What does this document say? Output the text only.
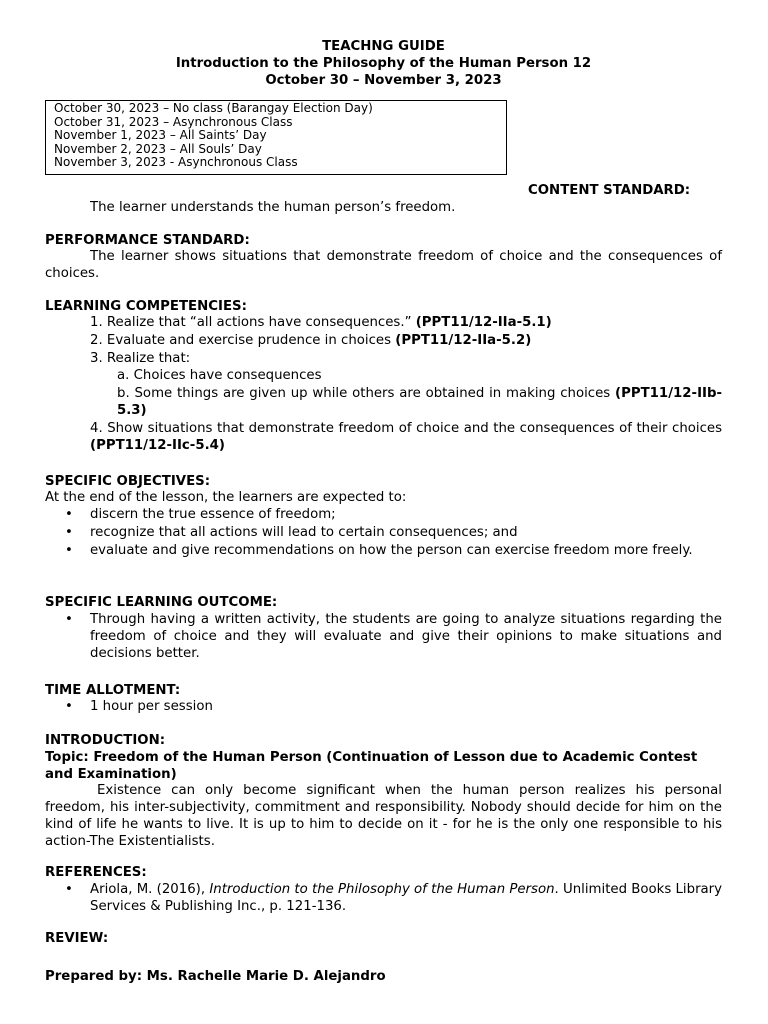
TEACHNG GUIDE

Introduction to the Philosophy of the Human Person 12

October 30 – November 3, 2023

October 30, 2023 – No class (Barangay Election Day)
October 31, 2023 – Asynchronous Class
November 1, 2023 – All Saints’ Day
November 2, 2023 – All Souls’ Day
November 3, 2023 - Asynchronous Class
CONTENT STANDARD:
The learner understands the human person’s freedom.
PERFORMANCE STANDARD:
The learner shows situations that demonstrate freedom of choice and the consequences of choices.
LEARNING COMPETENCIES:
1. Realize that “all actions have consequences.” (PPT11/12-IIa-5.1)
2. Evaluate and exercise prudence in choices (PPT11/12-IIa-5.2)
3. Realize that:
a. Choices have consequences
b. Some things are given up while others are obtained in making choices (PPT11/12-IIb-5.3)
4. Show situations that demonstrate freedom of choice and the consequences of their choices (PPT11/12-IIc-5.4)
SPECIFIC OBJECTIVES:
At the end of the lesson, the learners are expected to:
• discern the true essence of freedom;
• recognize that all actions will lead to certain consequences; and
• evaluate and give recommendations on how the person can exercise freedom more freely.
SPECIFIC LEARNING OUTCOME:
• Through having a written activity, the students are going to analyze situations regarding the freedom of choice and they will evaluate and give their opinions to make situations and decisions better.
TIME ALLOTMENT:
• 1 hour per session
INTRODUCTION:
Topic: Freedom of the Human Person (Continuation of Lesson due to Academic Contest and Examination)
Existence can only become significant when the human person realizes his personal freedom, his inter-subjectivity, commitment and responsibility. Nobody should decide for him on the kind of life he wants to live. It is up to him to decide on it - for he is the only one responsible to his action-The Existentialists.
REFERENCES:
• Ariola, M. (2016), Introduction to the Philosophy of the Human Person. Unlimited Books Library Services & Publishing Inc., p. 121-136.
REVIEW:
Prepared by: Ms. Rachelle Marie D. Alejandro
